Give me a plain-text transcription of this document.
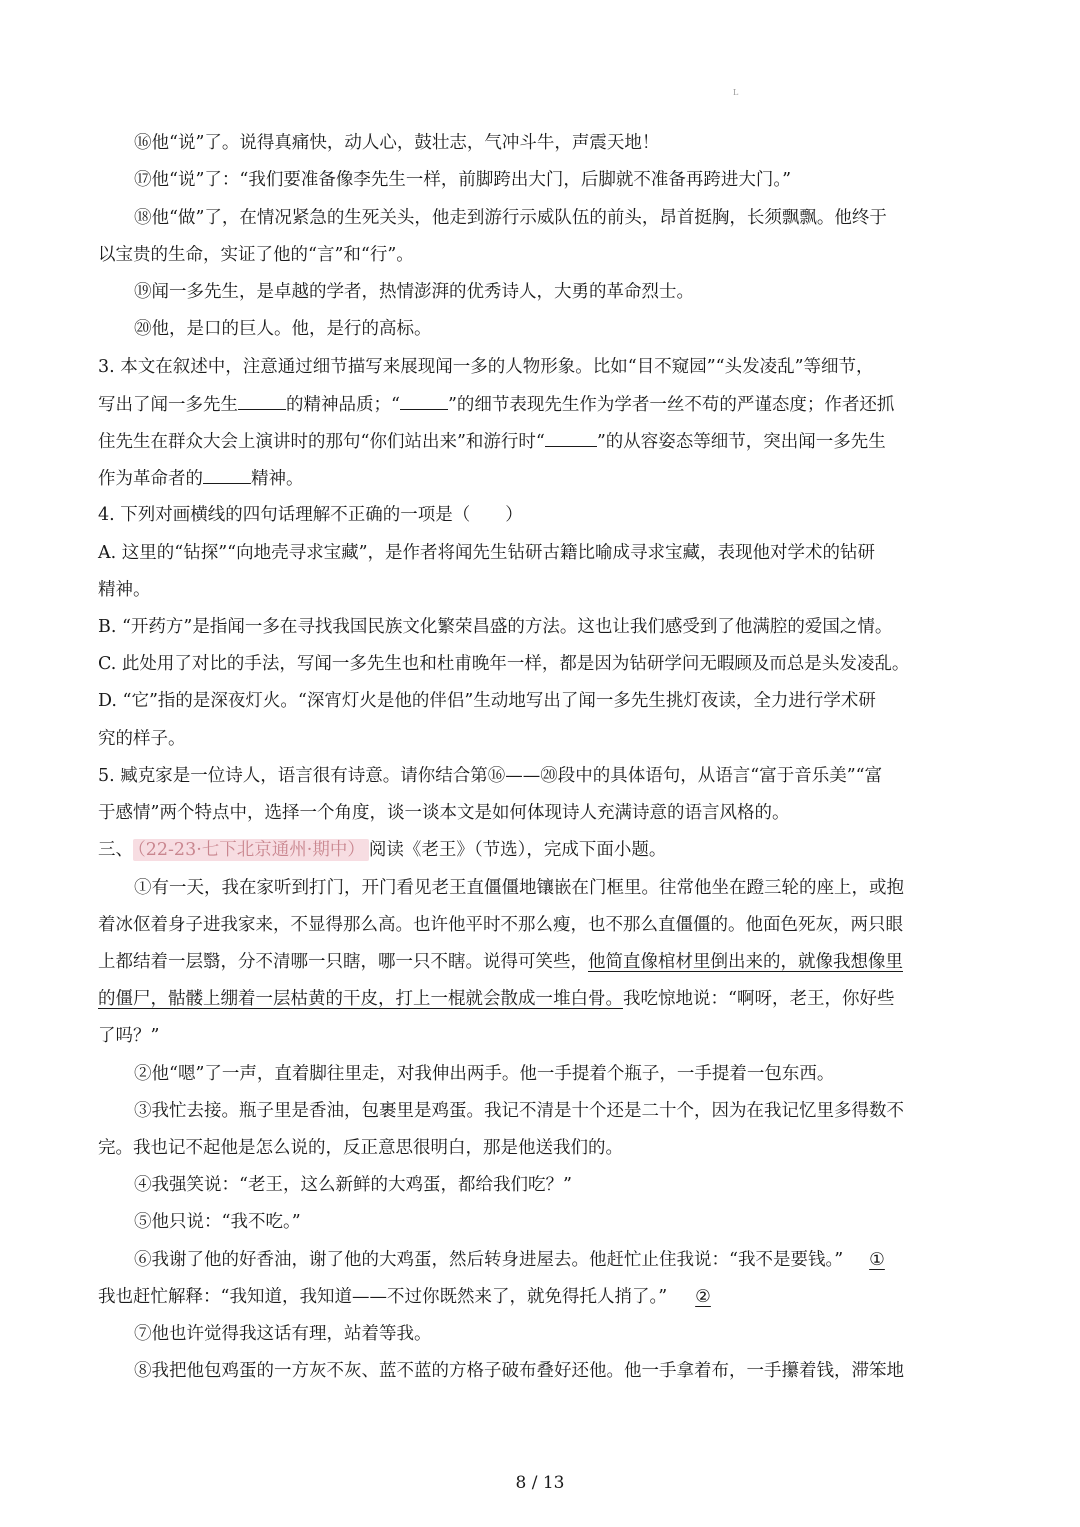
L
⑯他“说”了。说得真痛快，动人心，鼓壮志，气冲斗牛，声震天地！
⑰他“说”了：“我们要准备像李先生一样，前脚跨出大门，后脚就不准备再跨进大门。”
⑱他“做”了，在情况紧急的生死关头，他走到游行示威队伍的前头，昂首挺胸，长须飘飘。他终于
以宝贵的生命，实证了他的“言”和“行”。
⑲闻一多先生，是卓越的学者，热情澎湃的优秀诗人，大勇的革命烈士。
⑳他，是口的巨人。他，是行的高标。
3. 本文在叙述中，注意通过细节描写来展现闻一多的人物形象。比如“目不窥园”“头发凌乱”等细节，
写出了闻一多先生	的精神品质；“	”的细节表现先生作为学者一丝不苟的严谨态度；作者还抓
住先生在群众大会上演讲时的那句“你们站出来”和游行时“	”的从容姿态等细节，突出闻一多先生
作为革命者的	精神。
4. 下列对画横线的四句话理解不正确的一项是（　　）
A. 这里的“钻探”“向地壳寻求宝藏”，是作者将闻先生钻研古籍比喻成寻求宝藏，表现他对学术的钻研
精神。
B. “开药方”是指闻一多在寻找我国民族文化繁荣昌盛的方法。这也让我们感受到了他满腔的爱国之情。
C. 此处用了对比的手法，写闻一多先生也和杜甫晚年一样，都是因为钻研学问无暇顾及而总是头发凌乱。
D. “它”指的是深夜灯火。“深宵灯火是他的伴侣”生动地写出了闻一多先生挑灯夜读，全力进行学术研
究的样子。
5. 臧克家是一位诗人，语言很有诗意。请你结合第⑯——⑳段中的具体语句，从语言“富于音乐美”“富
于感情”两个特点中，选择一个角度，谈一谈本文是如何体现诗人充满诗意的语言风格的。
三、 （22-23·七下北京通州·期中） 阅读《老王》（节选），完成下面小题。
①有一天，我在家听到打门，开门看见老王直僵僵地镶嵌在门框里。往常他坐在蹬三轮的座上，或抱
着冰伛着身子进我家来，不显得那么高。也许他平时不那么瘦，也不那么直僵僵的。他面色死灰，两只眼
上都结着一层翳，分不清哪一只瞎，哪一只不瞎。说得可笑些，他简直像棺材里倒出来的，就像我想像里
的僵尸，骷髅上绷着一层枯黄的干皮，打上一棍就会散成一堆白骨。我吃惊地说：“啊呀，老王，你好些
了吗？”
②他“嗯”了一声，直着脚往里走，对我伸出两手。他一手提着个瓶子，一手提着一包东西。
③我忙去接。瓶子里是香油，包裹里是鸡蛋。我记不清是十个还是二十个，因为在我记忆里多得数不
完。我也记不起他是怎么说的，反正意思很明白，那是他送我们的。
④我强笑说：“老王，这么新鲜的大鸡蛋，都给我们吃？”
⑤他只说：“我不吃。”
⑥我谢了他的好香油，谢了他的大鸡蛋，然后转身进屋去。他赶忙止住我说：“我不是要钱。” ①
我也赶忙解释：“我知道，我知道——不过你既然来了，就免得托人捎了。” ②
⑦他也许觉得我这话有理，站着等我。
⑧我把他包鸡蛋的一方灰不灰、蓝不蓝的方格子破布叠好还他。他一手拿着布，一手攥着钱，滞笨地
8 / 13
